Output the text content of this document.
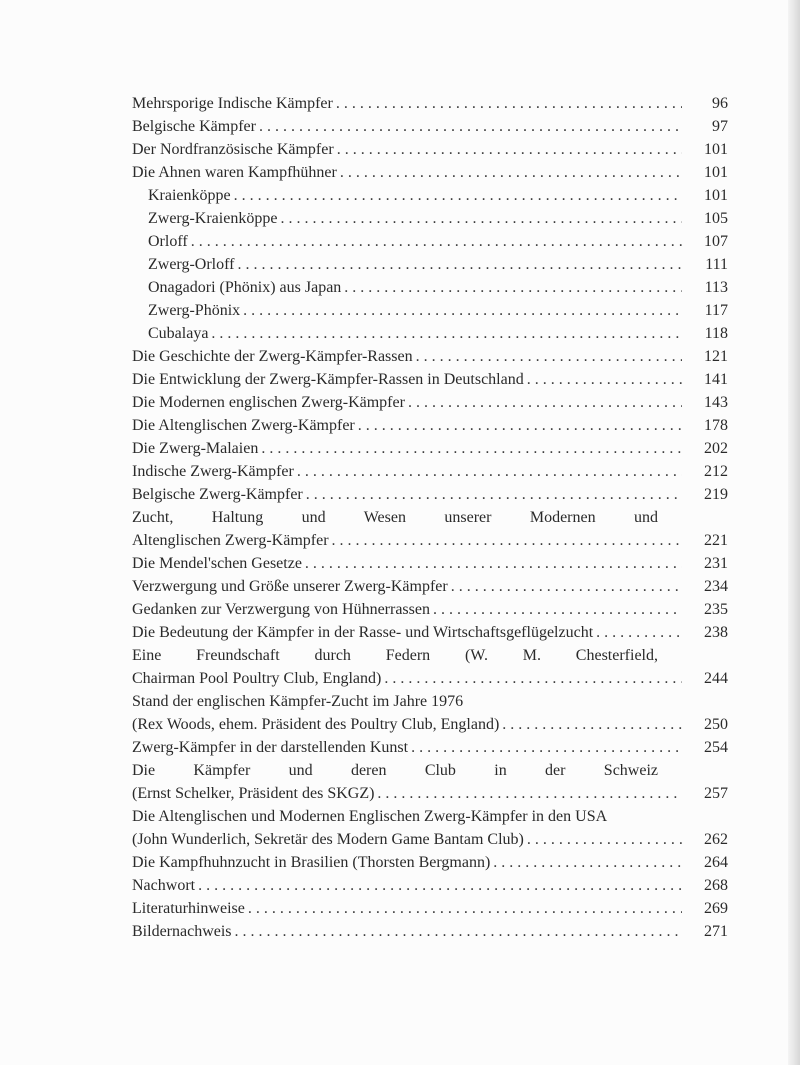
Mehrsporige Indische Kämpfer . . .	96
Belgische Kämpfer . . .	97
Der Nordfranzösische Kämpfer . . .	101
Die Ahnen waren Kampfhühner . . .	101
Kraienköppe . . .	101
Zwerg-Kraienköppe . . .	105
Orloff . . .	107
Zwerg-Orloff . . .	111
Onagadori (Phönix) aus Japan . . .	113
Zwerg-Phönix . . .	117
Cubalaya . . .	118
Die Geschichte der Zwerg-Kämpfer-Rassen . . .	121
Die Entwicklung der Zwerg-Kämpfer-Rassen in Deutschland . . .	141
Die Modernen englischen Zwerg-Kämpfer . . .	143
Die Altenglischen Zwerg-Kämpfer . . .	178
Die Zwerg-Malaien . . .	202
Indische Zwerg-Kämpfer . . .	212
Belgische Zwerg-Kämpfer . . .	219
Zucht, Haltung und Wesen unserer Modernen und
Altenglischen Zwerg-Kämpfer . . .	221
Die Mendel'schen Gesetze . . .	231
Verzwergung und Größe unserer Zwerg-Kämpfer . . .	234
Gedanken zur Verzwergung von Hühnerrassen . . .	235
Die Bedeutung der Kämpfer in der Rasse- und Wirtschaftsgeflügelzucht . . .	238
Eine Freundschaft durch Federn (W. M. Chesterfield,
Chairman Pool Poultry Club, England) . . .	244
Stand der englischen Kämpfer-Zucht im Jahre 1976
(Rex Woods, ehem. Präsident des Poultry Club, England) . . .	250
Zwerg-Kämpfer in der darstellenden Kunst . . .	254
Die Kämpfer und deren Club in der Schweiz
(Ernst Schelker, Präsident des SKGZ) . . .	257
Die Altenglischen und Modernen Englischen Zwerg-Kämpfer in den USA
(John Wunderlich, Sekretär des Modern Game Bantam Club) . . .	262
Die Kampfhuhnzucht in Brasilien (Thorsten Bergmann) . . .	264
Nachwort . . .	268
Literaturhinweise . . .	269
Bildernachweis . . .	271
